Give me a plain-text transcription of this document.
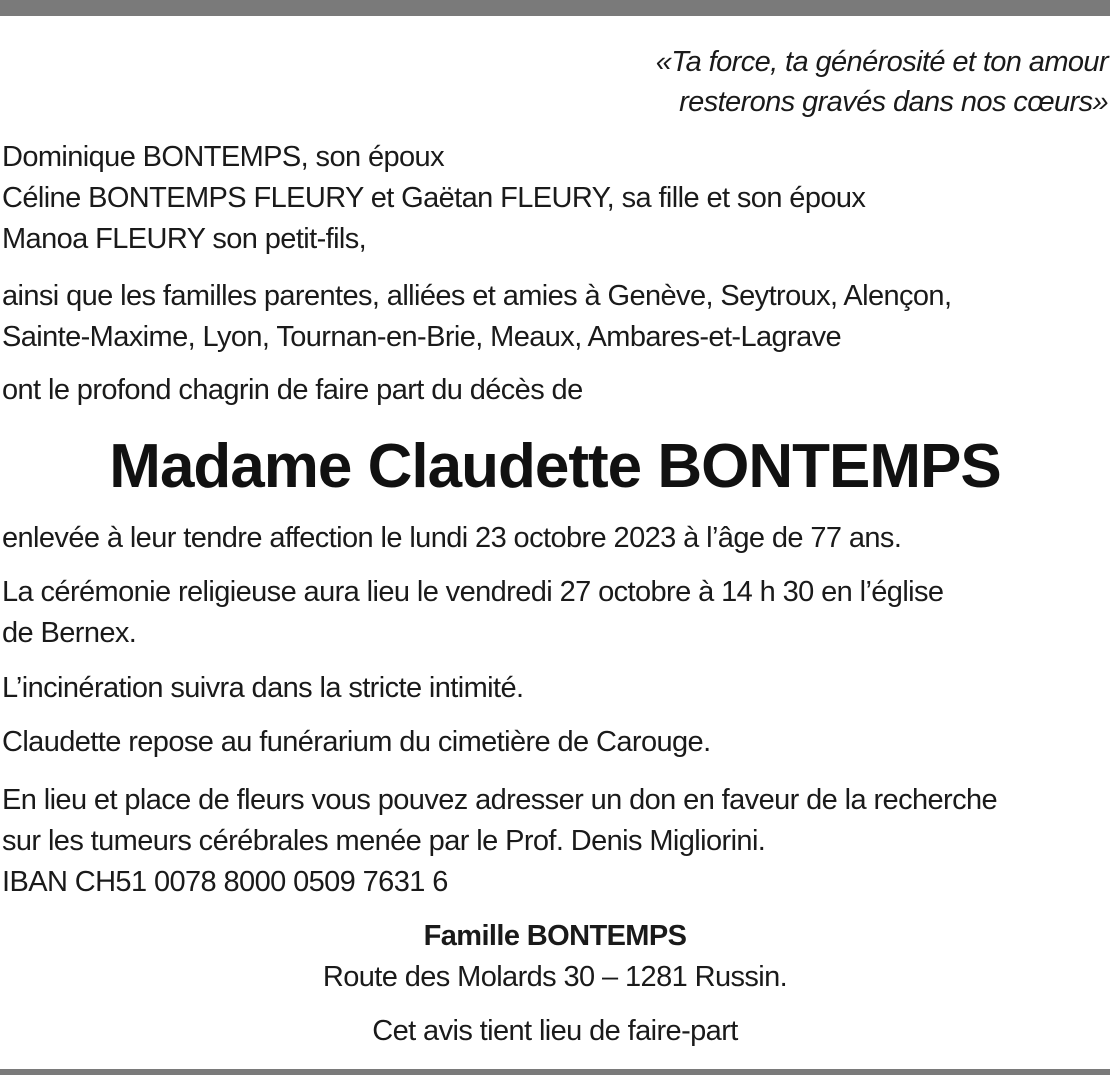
«Ta force, ta générosité et ton amour
resterons gravés dans nos cœurs»
Dominique BONTEMPS, son époux
Céline BONTEMPS FLEURY et Gaëtan FLEURY, sa fille et son époux
Manoa FLEURY son petit-fils,
ainsi que les familles parentes, alliées et amies à Genève, Seytroux, Alençon,
Sainte-Maxime, Lyon, Tournan-en-Brie, Meaux, Ambares-et-Lagrave
ont le profond chagrin de faire part du décès de
Madame Claudette BONTEMPS
enlevée à leur tendre affection le lundi 23 octobre 2023 à l’âge de 77 ans.
La cérémonie religieuse aura lieu le vendredi 27 octobre à 14 h 30 en l’église
de Bernex.
L’incinération suivra dans la stricte intimité.
Claudette repose au funérarium du cimetière de Carouge.
En lieu et place de fleurs vous pouvez adresser un don en faveur de la recherche
sur les tumeurs cérébrales menée par le Prof. Denis Migliorini.
IBAN CH51 0078 8000 0509 7631 6
Famille BONTEMPS
Route des Molards 30 – 1281 Russin.
Cet avis tient lieu de faire-part
